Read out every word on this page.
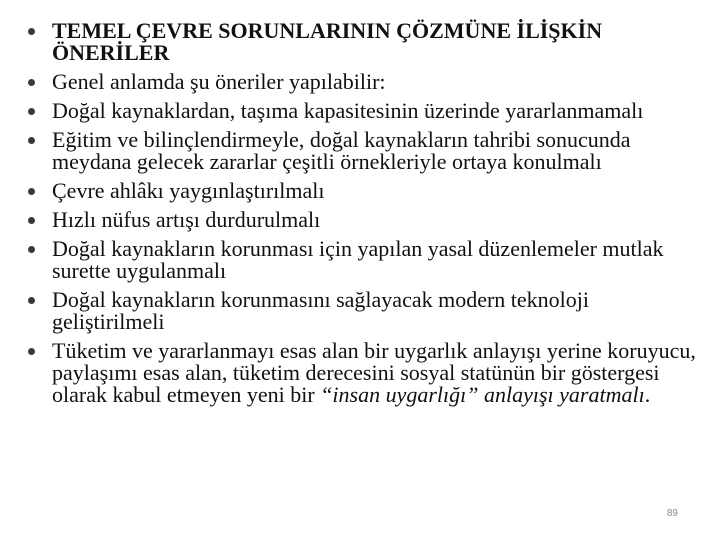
TEMEL ÇEVRE SORUNLARININ ÇÖZMÜNE İLİŞKİN ÖNERİLER
Genel anlamda şu öneriler yapılabilir:
Doğal kaynaklardan, taşıma kapasitesinin üzerinde yararlanmamalı
Eğitim ve bilinçlendirmeyle, doğal kaynakların tahribi sonucunda meydana gelecek zararlar çeşitli örnekleriyle ortaya konulmalı
Çevre ahlâkı yaygınlaştırılmalı
Hızlı nüfus artışı durdurulmalı
Doğal kaynakların korunması için yapılan yasal düzenlemeler mutlak surette uygulanmalı
Doğal kaynakların korunmasını sağlayacak modern teknoloji geliştirilmeli
Tüketim ve yararlanmayı esas alan bir uygarlık anlayışı yerine koruyucu, paylaşımı esas alan, tüketim derecesini sosyal statünün bir göstergesi olarak kabul etmeyen yeni bir “insan uygarlığı” anlayışı yaratmalı.
89
